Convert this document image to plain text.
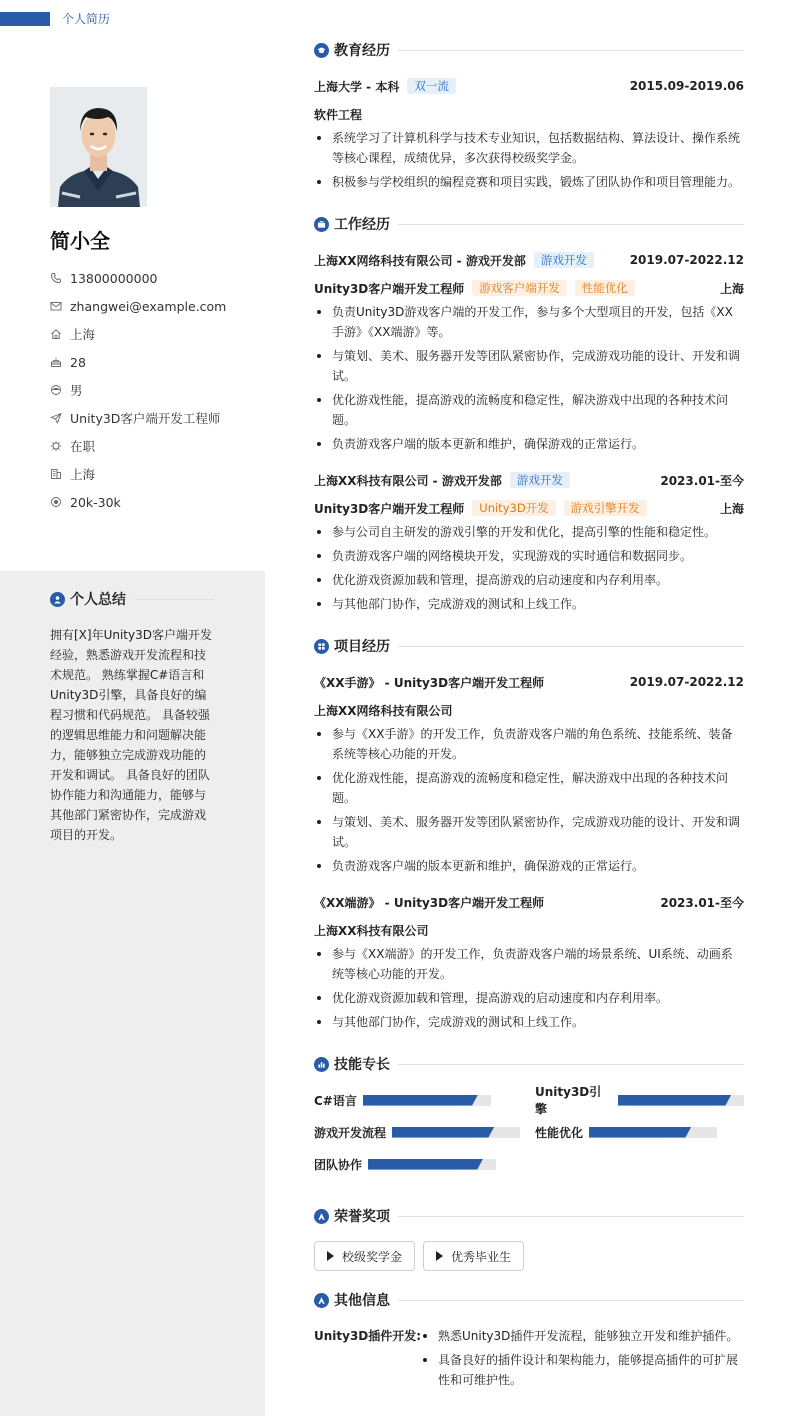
个人简历
简小全
13800000000
zhangwei@example.com
上海
28
男
Unity3D客户端开发工程师
在职
上海
20k-30k
个人总结
拥有[X]年Unity3D客户端开发经验，熟悉游戏开发流程和技术规范。 熟练掌握C#语言和Unity3D引擎，具备良好的编程习惯和代码规范。 具备较强的逻辑思维能力和问题解决能力，能够独立完成游戏功能的开发和调试。 具备良好的团队协作能力和沟通能力，能够与其他部门紧密协作，完成游戏项目的开发。
教育经历
上海大学 - 本科	双一流	2015.09-2019.06
软件工程
系统学习了计算机科学与技术专业知识，包括数据结构、算法设计、操作系统等核心课程，成绩优异，多次获得校级奖学金。
积极参与学校组织的编程竞赛和项目实践，锻炼了团队协作和项目管理能力。
工作经历
上海XX网络科技有限公司 - 游戏开发部	游戏开发	2019.07-2022.12
Unity3D客户端开发工程师	游戏客户端开发	性能优化	上海
负责Unity3D游戏客户端的开发工作，参与多个大型项目的开发，包括《XX手游》《XX端游》等。
与策划、美术、服务器开发等团队紧密协作，完成游戏功能的设计、开发和调试。
优化游戏性能，提高游戏的流畅度和稳定性，解决游戏中出现的各种技术问题。
负责游戏客户端的版本更新和维护，确保游戏的正常运行。
上海XX科技有限公司 - 游戏开发部	游戏开发	2023.01-至今
Unity3D客户端开发工程师	Unity3D开发	游戏引擎开发	上海
参与公司自主研发的游戏引擎的开发和优化，提高引擎的性能和稳定性。
负责游戏客户端的网络模块开发，实现游戏的实时通信和数据同步。
优化游戏资源加载和管理，提高游戏的启动速度和内存利用率。
与其他部门协作，完成游戏的测试和上线工作。
项目经历
《XX手游》 - Unity3D客户端开发工程师	2019.07-2022.12
上海XX网络科技有限公司
参与《XX手游》的开发工作，负责游戏客户端的角色系统、技能系统、装备系统等核心功能的开发。
优化游戏性能，提高游戏的流畅度和稳定性，解决游戏中出现的各种技术问题。
与策划、美术、服务器开发等团队紧密协作，完成游戏功能的设计、开发和调试。
负责游戏客户端的版本更新和维护，确保游戏的正常运行。
《XX端游》 - Unity3D客户端开发工程师	2023.01-至今
上海XX科技有限公司
参与《XX端游》的开发工作，负责游戏客户端的场景系统、UI系统、动画系统等核心功能的开发。
优化游戏资源加载和管理，提高游戏的启动速度和内存利用率。
与其他部门协作，完成游戏的测试和上线工作。
技能专长
C#语言
Unity3D引擎
游戏开发流程	性能优化
团队协作
荣誉奖项
校级奖学金	优秀毕业生
其他信息
Unity3D插件开发:	熟悉Unity3D插件开发流程，能够独立开发和维护插件。
具备良好的插件设计和架构能力，能够提高插件的可扩展性和可维护性。
